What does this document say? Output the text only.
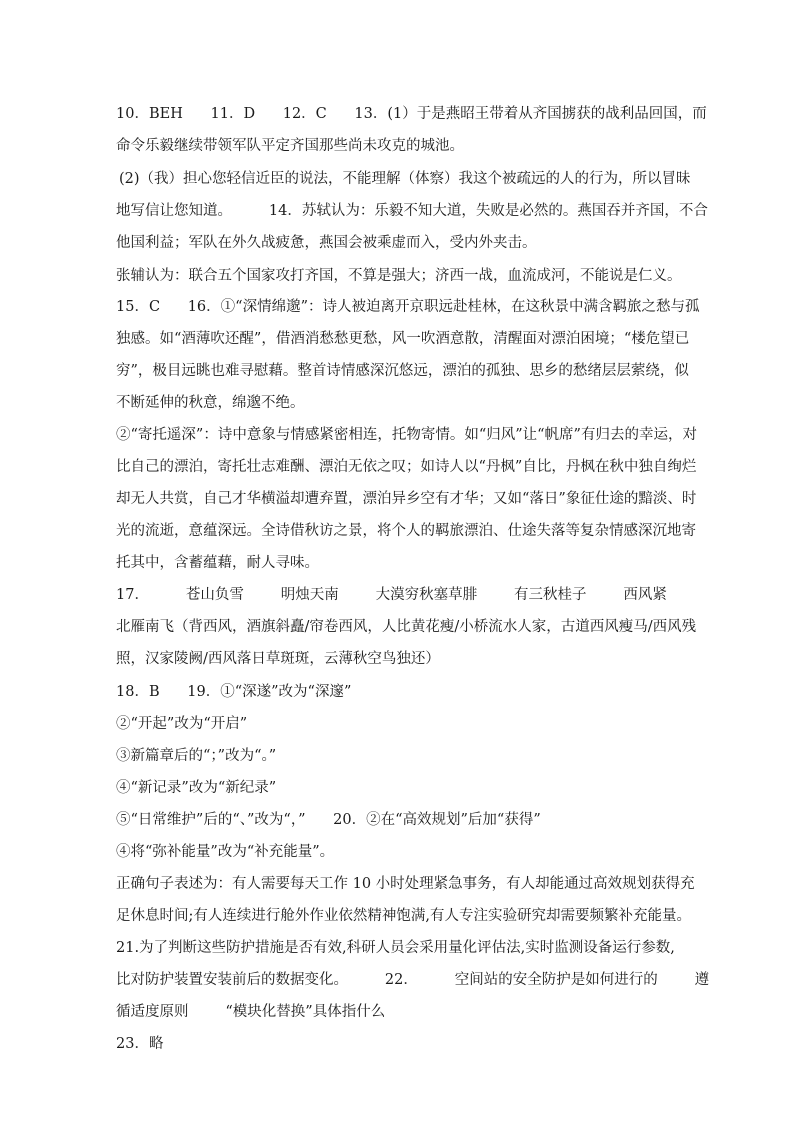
10．BEH      11．D      12．C      13．(1）于是燕昭王带着从齐国掳获的战利品回国，而
命令乐毅继续带领军队平定齐国那些尚未攻克的城池。
(2)（我）担心您轻信近臣的说法，不能理解（体察）我这个被疏远的人的行为，所以冒昧
地写信让您知道。        14．苏轼认为：乐毅不知大道，失败是必然的。燕国吞并齐国，不合
他国利益；军队在外久战疲惫，燕国会被乘虚而入，受内外夹击。
张辅认为：联合五个国家攻打齐国，不算是强大；济西一战，血流成河，不能说是仁义。
15．C      16．①“深情绵邈”：诗人被迫离开京职远赴桂林，在这秋景中满含羁旅之愁与孤
独感。如“酒薄吹还醒”，借酒消愁愁更愁，风一吹酒意散，清醒面对漂泊困境；“楼危望已
穷”，极目远眺也难寻慰藉。整首诗情感深沉悠远，漂泊的孤独、思乡的愁绪层层萦绕，似
不断延伸的秋意，绵邈不绝。
②“寄托遥深”：诗中意象与情感紧密相连，托物寄情。如“归风”让“帆席”有归去的幸运，对
比自己的漂泊，寄托壮志难酬、漂泊无依之叹；如诗人以“丹枫”自比，丹枫在秋中独自绚烂
却无人共赏，自己才华横溢却遭弃置，漂泊异乡空有才华；又如“落日”象征仕途的黯淡、时
光的流逝，意蕴深远。全诗借秋访之景，将个人的羁旅漂泊、仕途失落等复杂情感深沉地寄
托其中，含蓄蕴藉，耐人寻味。
17．        苍山负雪        明烛天南        大漠穷秋塞草腓        有三秋桂子        西风紧
北雁南飞（背西风，酒旗斜矗/帘卷西风，人比黄花瘦/小桥流水人家，古道西风瘦马/西风残
照，汉家陵阙/西风落日草斑斑，云薄秋空鸟独还）
18．B      19．①“深遂”改为“深邃”
②“开起”改为“开启”
③新篇章后的“；”改为“。”
④“新记录”改为“新纪录”
⑤“日常维护”后的“、”改为“，”      20．②在“高效规划”后加“获得”
④将“弥补能量”改为“补充能量”。
正确句子表述为：有人需要每天工作 10 小时处理紧急事务，有人却能通过高效规划获得充
足休息时间;有人连续进行舱外作业依然精神饱满,有人专注实验研究却需要频繁补充能量。
21.为了判断这些防护措施是否有效,科研人员会采用量化评估法,实时监测设备运行参数,
比对防护装置安装前后的数据变化。        22．        空间站的安全防护是如何进行的        遵
循适度原则        “模块化替换”具体指什么
23．略
